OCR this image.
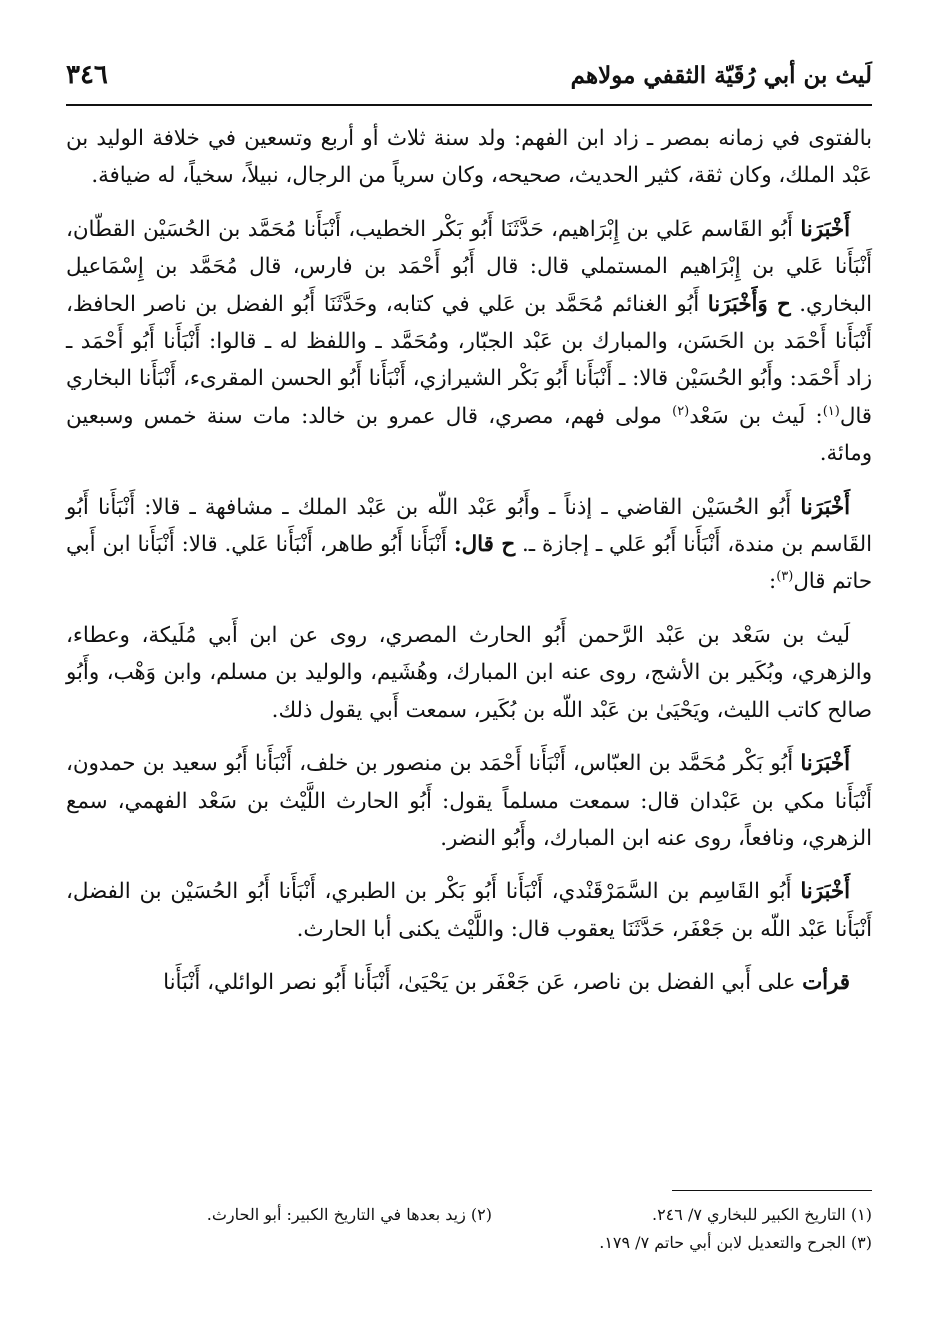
لَيث بن أبي رُقَيّة الثقفي مولاهم
٣٤٦

بالفتوى في زمانه بمصر ـ زاد ابن الفهم: ولد سنة ثلاث أو أربع وتسعين في خلافة الوليد بن عَبْد الملك، وكان ثقة، كثير الحديث، صحيحه، وكان سرياً من الرجال، نبيلاً، سخياً، له ضيافة.

أَخْبَرَنا أَبُو القَاسم عَلي بن إِبْرَاهيم، حَدَّثَنَا أَبُو بَكْر الخطيب، أَنْبَأَنا مُحَمَّد بن الحُسَيْن القطّان، أَنْبَأَنا عَلي بن إِبْرَاهيم المستملي قال: قال أَبُو أَحْمَد بن فارس، قال مُحَمَّد بن إِسْمَاعيل البخاري. ح وَأَخْبَرَنا أَبُو الغنائم مُحَمَّد بن عَلي في كتابه، وحَدَّثَنَا أَبُو الفضل بن ناصر الحافظ، أَنْبَأَنا أَحْمَد بن الحَسَن، والمبارك بن عَبْد الجبّار، ومُحَمَّد ـ واللفظ له ـ قالوا: أَنْبَأَنا أَبُو أَحْمَد ـ زاد أَحْمَد: وأَبُو الحُسَيْن قالا: ـ أَنْبَأَنا أَبُو بَكْر الشيرازي، أَنْبَأَنا أَبُو الحسن المقرىء، أَنْبَأَنا البخاري قال$^{(١)}$: لَيث بن سَعْد$^{(٢)}$ مولى فهم، مصري، قال عمرو بن خالد: مات سنة خمس وسبعين ومائة.

أَخْبَرَنا أَبُو الحُسَيْن القاضي ـ إذناً ـ وأَبُو عَبْد اللّه بن عَبْد الملك ـ مشافهة ـ قالا: أَنْبَأَنا أَبُو القَاسم بن مندة، أَنْبَأَنا أَبُو عَلي ـ إجازة ـ. ح قال: أَنْبَأَنا أَبُو طاهر، أَنْبَأَنا عَلي. قالا: أَنْبَأَنا ابن أَبي حاتم قال$^{(٣)}$:

لَيث بن سَعْد بن عَبْد الرَّحمن أَبُو الحارث المصري، روى عن ابن أَبي مُلَيكة، وعطاء، والزهري، وبُكَير بن الأشج، روى عنه ابن المبارك، وهُشَيم، والوليد بن مسلم، وابن وَهْب، وأَبُو صالح كاتب الليث، ويَحْيَىٰ بن عَبْد اللّه بن بُكَير، سمعت أَبي يقول ذلك.

أَخْبَرَنا أَبُو بَكْر مُحَمَّد بن العبّاس، أَنْبَأَنا أَحْمَد بن منصور بن خلف، أَنْبَأَنا أَبُو سعيد بن حمدون، أَنْبَأَنا مكي بن عَبْدان قال: سمعت مسلماً يقول: أَبُو الحارث اللَّيْث بن سَعْد الفهمي، سمع الزهري، ونافعاً، روى عنه ابن المبارك، وأَبُو النضر.

أَخْبَرَنا أَبُو القَاسِم بن السَّمَرْقَنْدي، أَنْبَأَنا أَبُو بَكْر بن الطبري، أَنْبَأَنا أَبُو الحُسَيْن بن الفضل، أَنْبَأَنا عَبْد اللّه بن جَعْفَر، حَدَّثَنَا يعقوب قال: واللَّيْث يكنى أبا الحارث.

قرأت على أَبي الفضل بن ناصر، عَن جَعْفَر بن يَحْيَىٰ، أَنْبَأَنا أَبُو نصر الوائلي، أَنْبَأَنا

(١) التاريخ الكبير للبخاري ٧/ ٢٤٦.
(٢) زيد بعدها في التاريخ الكبير: أبو الحارث.
(٣) الجرح والتعديل لابن أبي حاتم ٧/ ١٧٩.
